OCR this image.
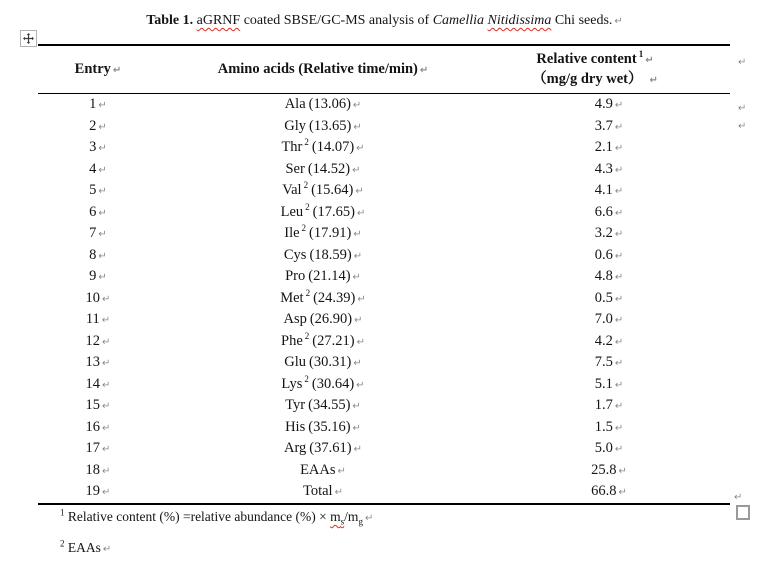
Table 1. aGRNF coated SBSE/GC-MS analysis of Camellia Nitidissima Chi seeds. ↵
Entry ↵	Amino acids (Relative time/min) ↵
Relative content $^1$↵
（mg/g dry wet） ↵
1 ↵	Ala (13.06) ↵	4.9 ↵
2 ↵	Gly (13.65) ↵	3.7 ↵
3 ↵	Thr $^2$ (14.07) ↵	2.1 ↵
4 ↵	Ser (14.52) ↵	4.3 ↵
5 ↵	Val $^2$ (15.64) ↵	4.1 ↵
6 ↵	Leu $^2$ (17.65) ↵	6.6 ↵
7 ↵	Ile $^2$ (17.91) ↵	3.2 ↵
8 ↵	Cys (18.59) ↵	0.6 ↵
9 ↵	Pro (21.14) ↵	4.8 ↵
10 ↵	Met $^2$ (24.39) ↵	0.5 ↵
11 ↵	Asp (26.90) ↵	7.0 ↵
12 ↵	Phe $^2$ (27.21) ↵	4.2 ↵
13 ↵	Glu (30.31) ↵	7.5 ↵
14 ↵	Lys $^2$ (30.64) ↵	5.1 ↵
15 ↵	Tyr (34.55) ↵	1.7 ↵
16 ↵	His (35.16) ↵	1.5 ↵
17 ↵	Arg (37.61) ↵	5.0 ↵
18 ↵	EAAs ↵	25.8 ↵
19 ↵	Total ↵	66.8 ↵
↵
↵
↵
↵
$^1$ Relative content (%) =relative abundance (%) × $m_s/m_g$ ↵
$^2$ EAAs ↵
